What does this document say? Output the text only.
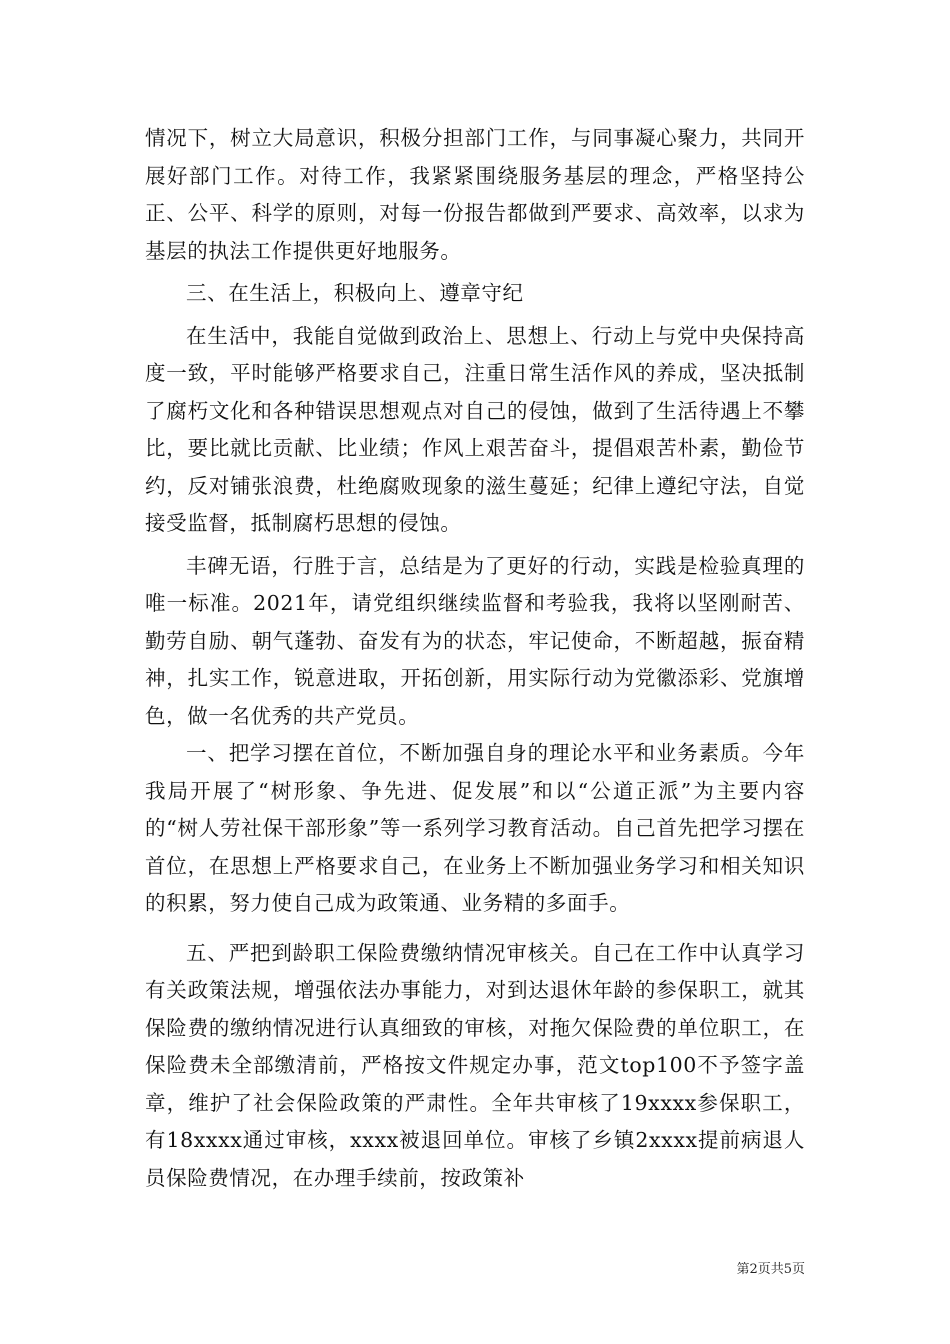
情况下，树立大局意识，积极分担部门工作，与同事凝心聚力，共同开展好部门工作。对待工作，我紧紧围绕服务基层的理念，严格坚持公正、公平、科学的原则，对每一份报告都做到严要求、高效率，以求为基层的执法工作提供更好地服务。

三、在生活上，积极向上、遵章守纪

在生活中，我能自觉做到政治上、思想上、行动上与党中央保持高度一致，平时能够严格要求自己，注重日常生活作风的养成，坚决抵制了腐朽文化和各种错误思想观点对自己的侵蚀，做到了生活待遇上不攀比，要比就比贡献、比业绩；作风上艰苦奋斗，提倡艰苦朴素，勤俭节约，反对铺张浪费，杜绝腐败现象的滋生蔓延；纪律上遵纪守法，自觉接受监督，抵制腐朽思想的侵蚀。

丰碑无语，行胜于言，总结是为了更好的行动，实践是检验真理的唯一标准。2021年，请党组织继续监督和考验我，我将以坚刚耐苦、勤劳自励、朝气蓬勃、奋发有为的状态，牢记使命，不断超越，振奋精神，扎实工作，锐意进取，开拓创新，用实际行动为党徽添彩、党旗增色，做一名优秀的共产党员。

一、把学习摆在首位，不断加强自身的理论水平和业务素质。今年我局开展了“树形象、争先进、促发展”和以“公道正派”为主要内容的“树人劳社保干部形象”等一系列学习教育活动。自己首先把学习摆在首位，在思想上严格要求自己，在业务上不断加强业务学习和相关知识的积累，努力使自己成为政策通、业务精的多面手。

五、严把到龄职工保险费缴纳情况审核关。自己在工作中认真学习有关政策法规，增强依法办事能力，对到达退休年龄的参保职工，就其保险费的缴纳情况进行认真细致的审核，对拖欠保险费的单位职工，在保险费未全部缴清前，严格按文件规定办事，范文top100不予签字盖章，维护了社会保险政策的严肃性。全年共审核了19xxxx参保职工，有18xxxx通过审核，xxxx被退回单位。审核了乡镇2xxxx提前病退人员保险费情况，在办理手续前，按政策补

第2页共5页
